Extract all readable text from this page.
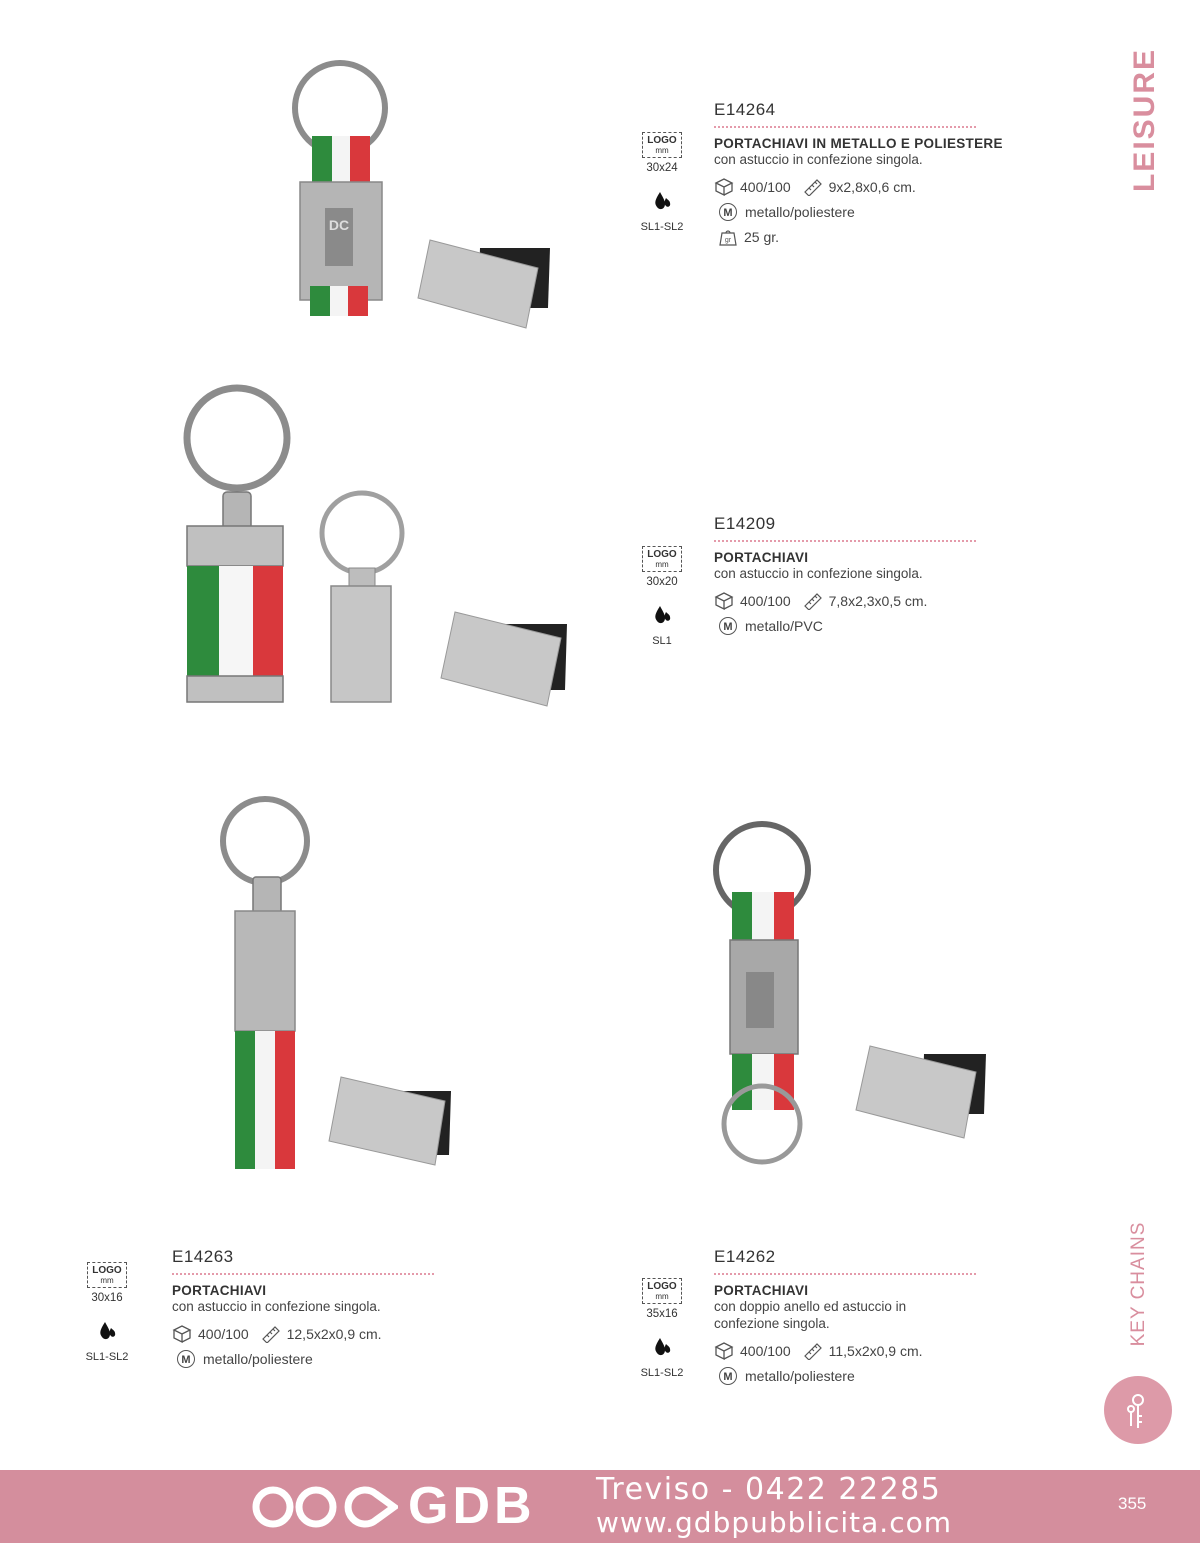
LEISURE
KEY CHAINS
DC
LOGO
mm
30x24
SL1-SL2
E14264
PORTACHIAVI IN METALLO E POLIESTERE
con astuccio in confezione singola.
400/100	9x2,8x0,6 cm.
M metallo/poliestere
gr 25 gr.
LOGO
mm
30x20
SL1
E14209
PORTACHIAVI
con astuccio in confezione singola.
400/100	7,8x2,3x0,5 cm.
M metallo/PVC
LOGO
mm
30x16
SL1-SL2
E14263
PORTACHIAVI
con astuccio in confezione singola.
400/100	12,5x2x0,9 cm.
M metallo/poliestere
LOGO
mm
35x16
SL1-SL2
E14262
PORTACHIAVI
con doppio anello ed astuccio in
confezione singola.
400/100	11,5x2x0,9 cm.
M metallo/poliestere
GDB Treviso - 0422 22285
www.gdbpubblicita.com
355
